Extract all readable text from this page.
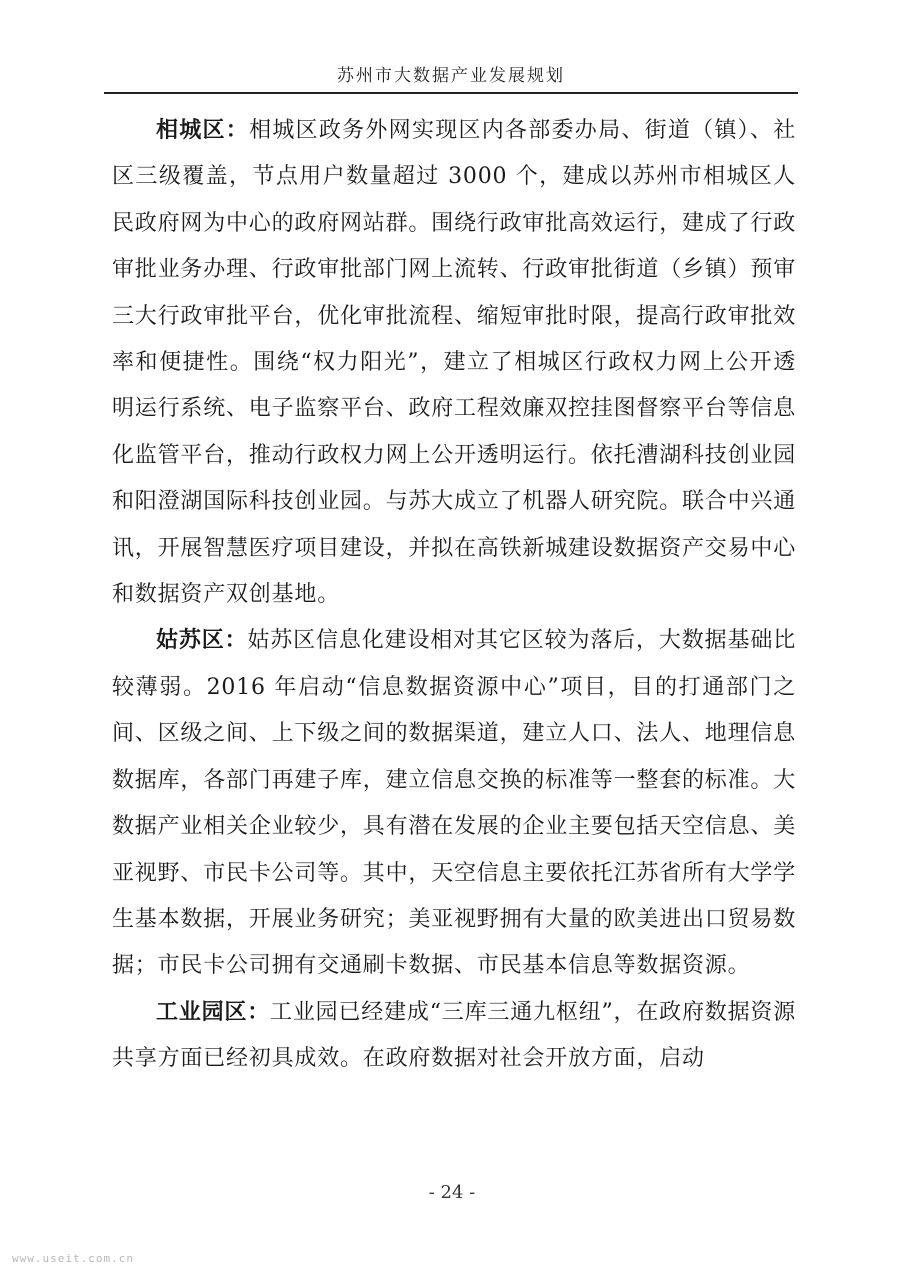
苏州市大数据产业发展规划

相城区：相城区政务外网实现区内各部委办局、街道（镇）、社区三级覆盖，节点用户数量超过 3000 个，建成以苏州市相城区人民政府网为中心的政府网站群。围绕行政审批高效运行，建成了行政审批业务办理、行政审批部门网上流转、行政审批街道（乡镇）预审三大行政审批平台，优化审批流程、缩短审批时限，提高行政审批效率和便捷性。围绕“权力阳光”，建立了相城区行政权力网上公开透明运行系统、电子监察平台、政府工程效廉双控挂图督察平台等信息化监管平台，推动行政权力网上公开透明运行。依托漕湖科技创业园和阳澄湖国际科技创业园。与苏大成立了机器人研究院。联合中兴通讯，开展智慧医疗项目建设，并拟在高铁新城建设数据资产交易中心和数据资产双创基地。

姑苏区：姑苏区信息化建设相对其它区较为落后，大数据基础比较薄弱。2016 年启动“信息数据资源中心”项目，目的打通部门之间、区级之间、上下级之间的数据渠道，建立人口、法人、地理信息数据库，各部门再建子库，建立信息交换的标准等一整套的标准。大数据产业相关企业较少，具有潜在发展的企业主要包括天空信息、美亚视野、市民卡公司等。其中，天空信息主要依托江苏省所有大学学生基本数据，开展业务研究；美亚视野拥有大量的欧美进出口贸易数据；市民卡公司拥有交通刷卡数据、市民基本信息等数据资源。

工业园区：工业园已经建成“三库三通九枢纽”，在政府数据资源共享方面已经初具成效。在政府数据对社会开放方面，启动

- 24 -
www.useit.com.cn
